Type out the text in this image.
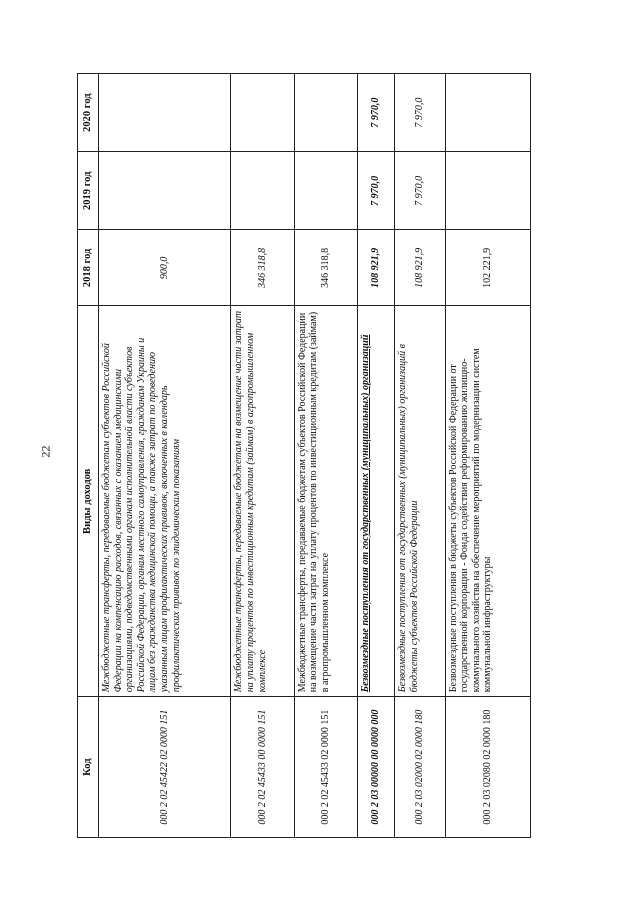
22
Код	Виды доходов	2018 год	2019 год	2020 год
000 2 02 45422 02 0000 151	Межбюджетные трансферты, передаваемые бюджетам субъектов Российской Федерации на компенсацию расходов, связанных с оказанием медицинскими организациями, подведомственными органам исполнительной власти субъектов Российской Федерации, органам местного самоуправления, гражданам Украины и лицам без гражданства медицинской помощи, а также затрат по проведению указанным лицам профилактических прививок, включенных в календарь профилактических прививок по эпидемическим показаниям	900,0		
000 2 02 45433 00 0000 151	Межбюджетные трансферты, передаваемые бюджетам на возмещение части затрат на уплату процентов по инвестиционным кредитам (займам) в агропромышленном комплексе	346 318,8		
000 2 02 45433 02 0000 151	Межбюджетные трансферты, передаваемые бюджетам субъектов Российской Федерации на возмещение части затрат на уплату процентов по инвестиционным кредитам (займам) в агропромышленном комплексе	346 318,8		
000 2 03 00000 00 0000 000	Безвозмездные поступления от государственных (муниципальных) организаций	108 921,9	7 970,0	7 970,0
000 2 03 02000 02 0000 180	Безвозмездные поступления от государственных (муниципальных) организаций в бюджеты субъектов Российской Федерации	108 921,9	7 970,0	7 970,0
000 2 03 02080 02 0000 180	Безвозмездные поступления в бюджеты субъектов Российской Федерации от государственной корпорации - Фонда содействия реформированию жилищно-коммунального хозяйства на обеспечение мероприятий по модернизации систем коммунальной инфраструктуры	102 221,9		
